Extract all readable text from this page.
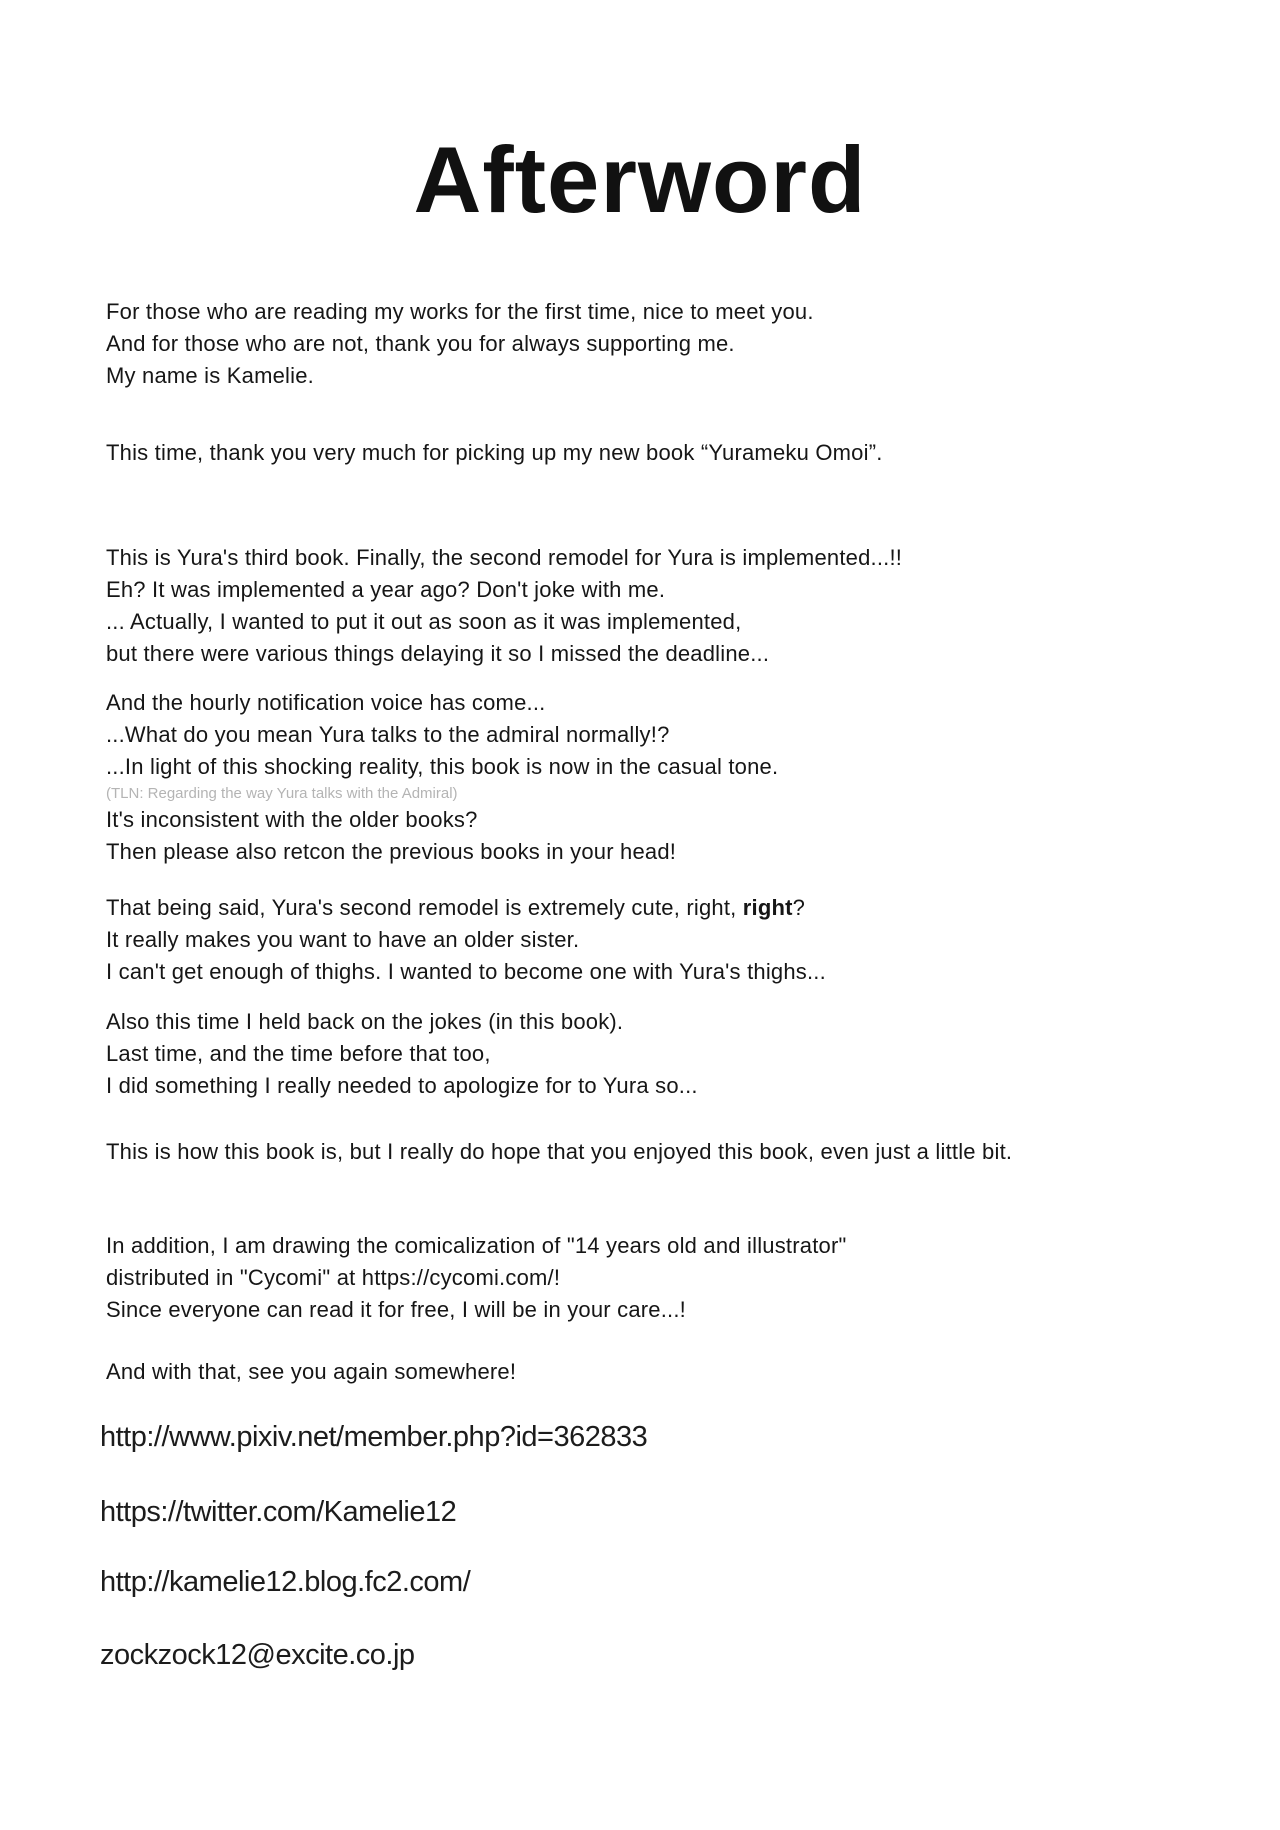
Afterword
For those who are reading my works for the first time, nice to meet you.
And for those who are not, thank you for always supporting me.
My name is Kamelie.
This time, thank you very much for picking up my new book “Yurameku Omoi”.
This is Yura's third book. Finally, the second remodel for Yura is implemented...!!
Eh? It was implemented a year ago? Don't joke with me.
... Actually, I wanted to put it out as soon as it was implemented,
but there were various things delaying it so I missed the deadline...
And the hourly notification voice has come...
...What do you mean Yura talks to the admiral normally!?
...In light of this shocking reality, this book is now in the casual tone.
(TLN: Regarding the way Yura talks with the Admiral)
It's inconsistent with the older books?
Then please also retcon the previous books in your head!
That being said, Yura's second remodel is extremely cute, right, right?
It really makes you want to have an older sister.
I can't get enough of thighs. I wanted to become one with Yura's thighs...
Also this time I held back on the jokes (in this book).
Last time, and the time before that too,
I did something I really needed to apologize for to Yura so...
This is how this book is, but I really do hope that you enjoyed this book, even just a little bit.
In addition, I am drawing the comicalization of "14 years old and illustrator"
distributed in "Cycomi" at https://cycomi.com/!
Since everyone can read it for free, I will be in your care...!
And with that, see you again somewhere!
http://www.pixiv.net/member.php?id=362833
https://twitter.com/Kamelie12
http://kamelie12.blog.fc2.com/
zockzock12@excite.co.jp
